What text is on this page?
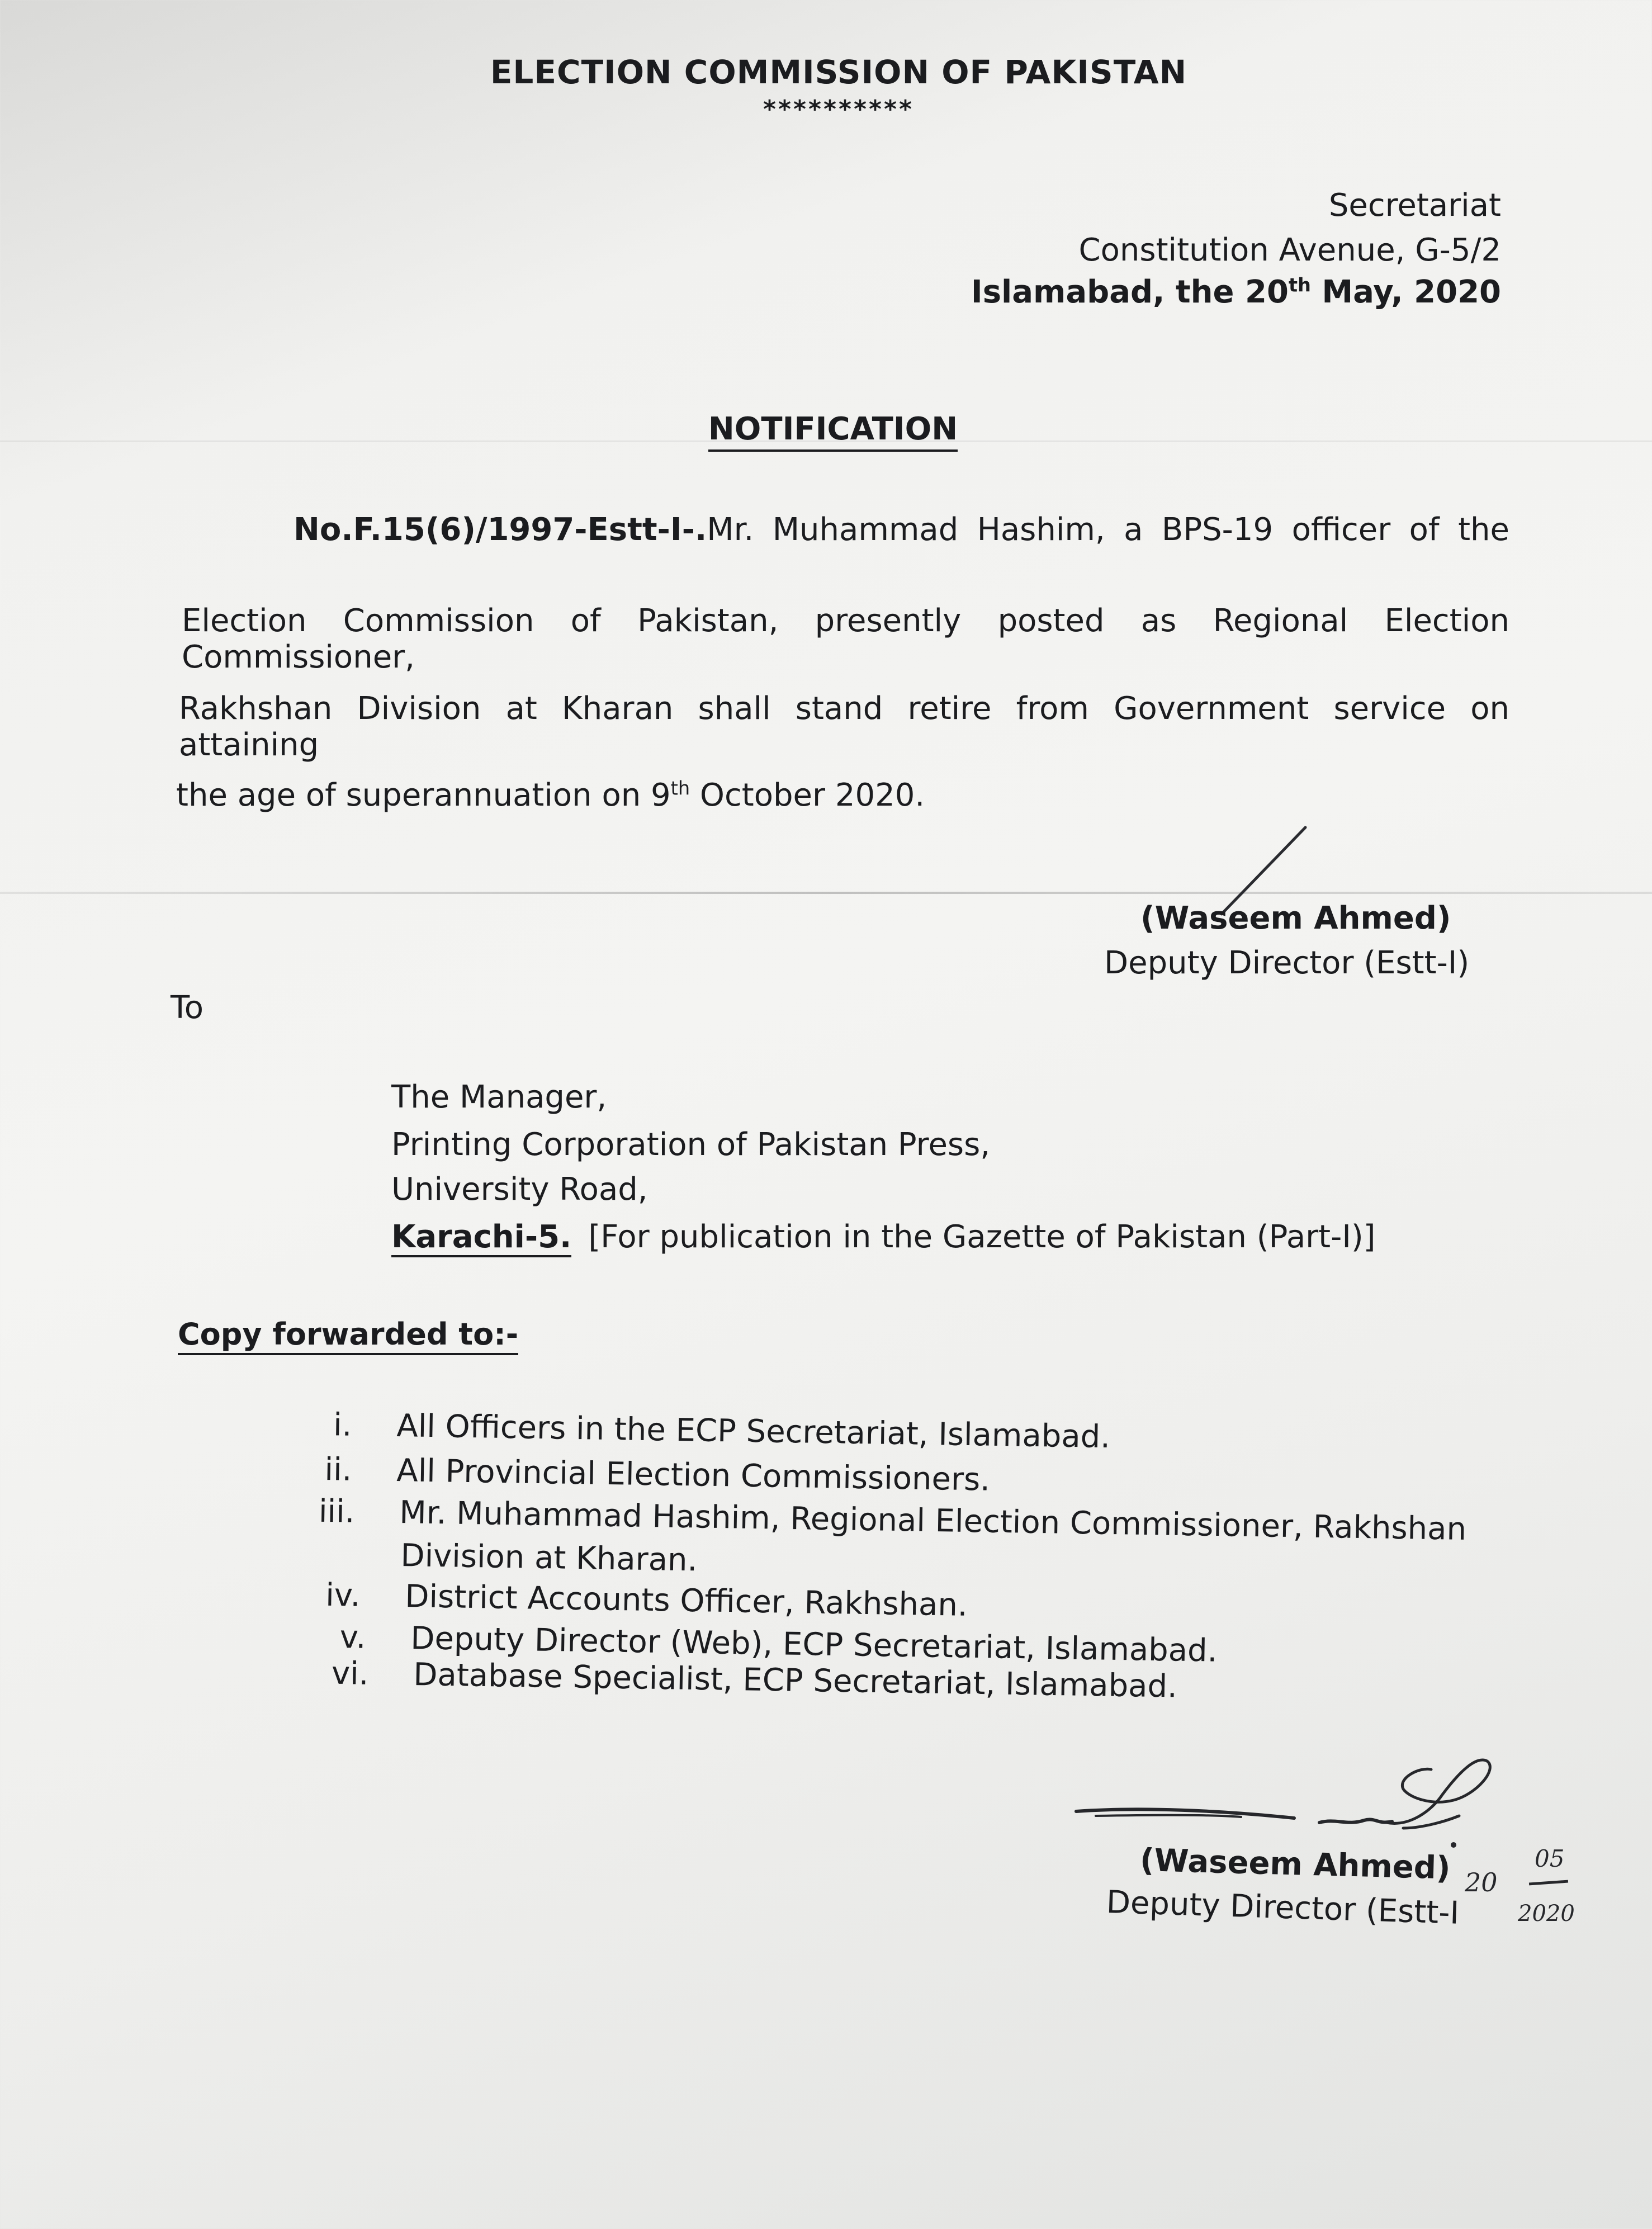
ELECTION COMMISSION OF PAKISTAN
**********
Secretariat
Constitution Avenue, G-5/2
Islamabad, the 20th May, 2020
NOTIFICATION
No.F.15(6)/1997-Estt-I-.Mr. Muhammad Hashim, a BPS-19 officer of the
Election Commission of Pakistan, presently posted as Regional Election Commissioner,
Rakhshan Division at Kharan shall stand retire from Government service on attaining
the age of superannuation on 9th October 2020.
(Waseem Ahmed)
Deputy Director (Estt-I)
To
The Manager,
Printing Corporation of Pakistan Press,
University Road,
Karachi-5. [For publication in the Gazette of Pakistan (Part-I)]
Copy forwarded to:-
i. All Officers in the ECP Secretariat, Islamabad.
ii. All Provincial Election Commissioners.
iii. Mr. Muhammad Hashim, Regional Election Commissioner, Rakhshan
Division at Kharan.
iv. District Accounts Officer, Rakhshan.
v. Deputy Director (Web), ECP Secretariat, Islamabad.
vi. Database Specialist, ECP Secretariat, Islamabad.
(Waseem Ahmed)
Deputy Director (Estt-I
20
05
2020
